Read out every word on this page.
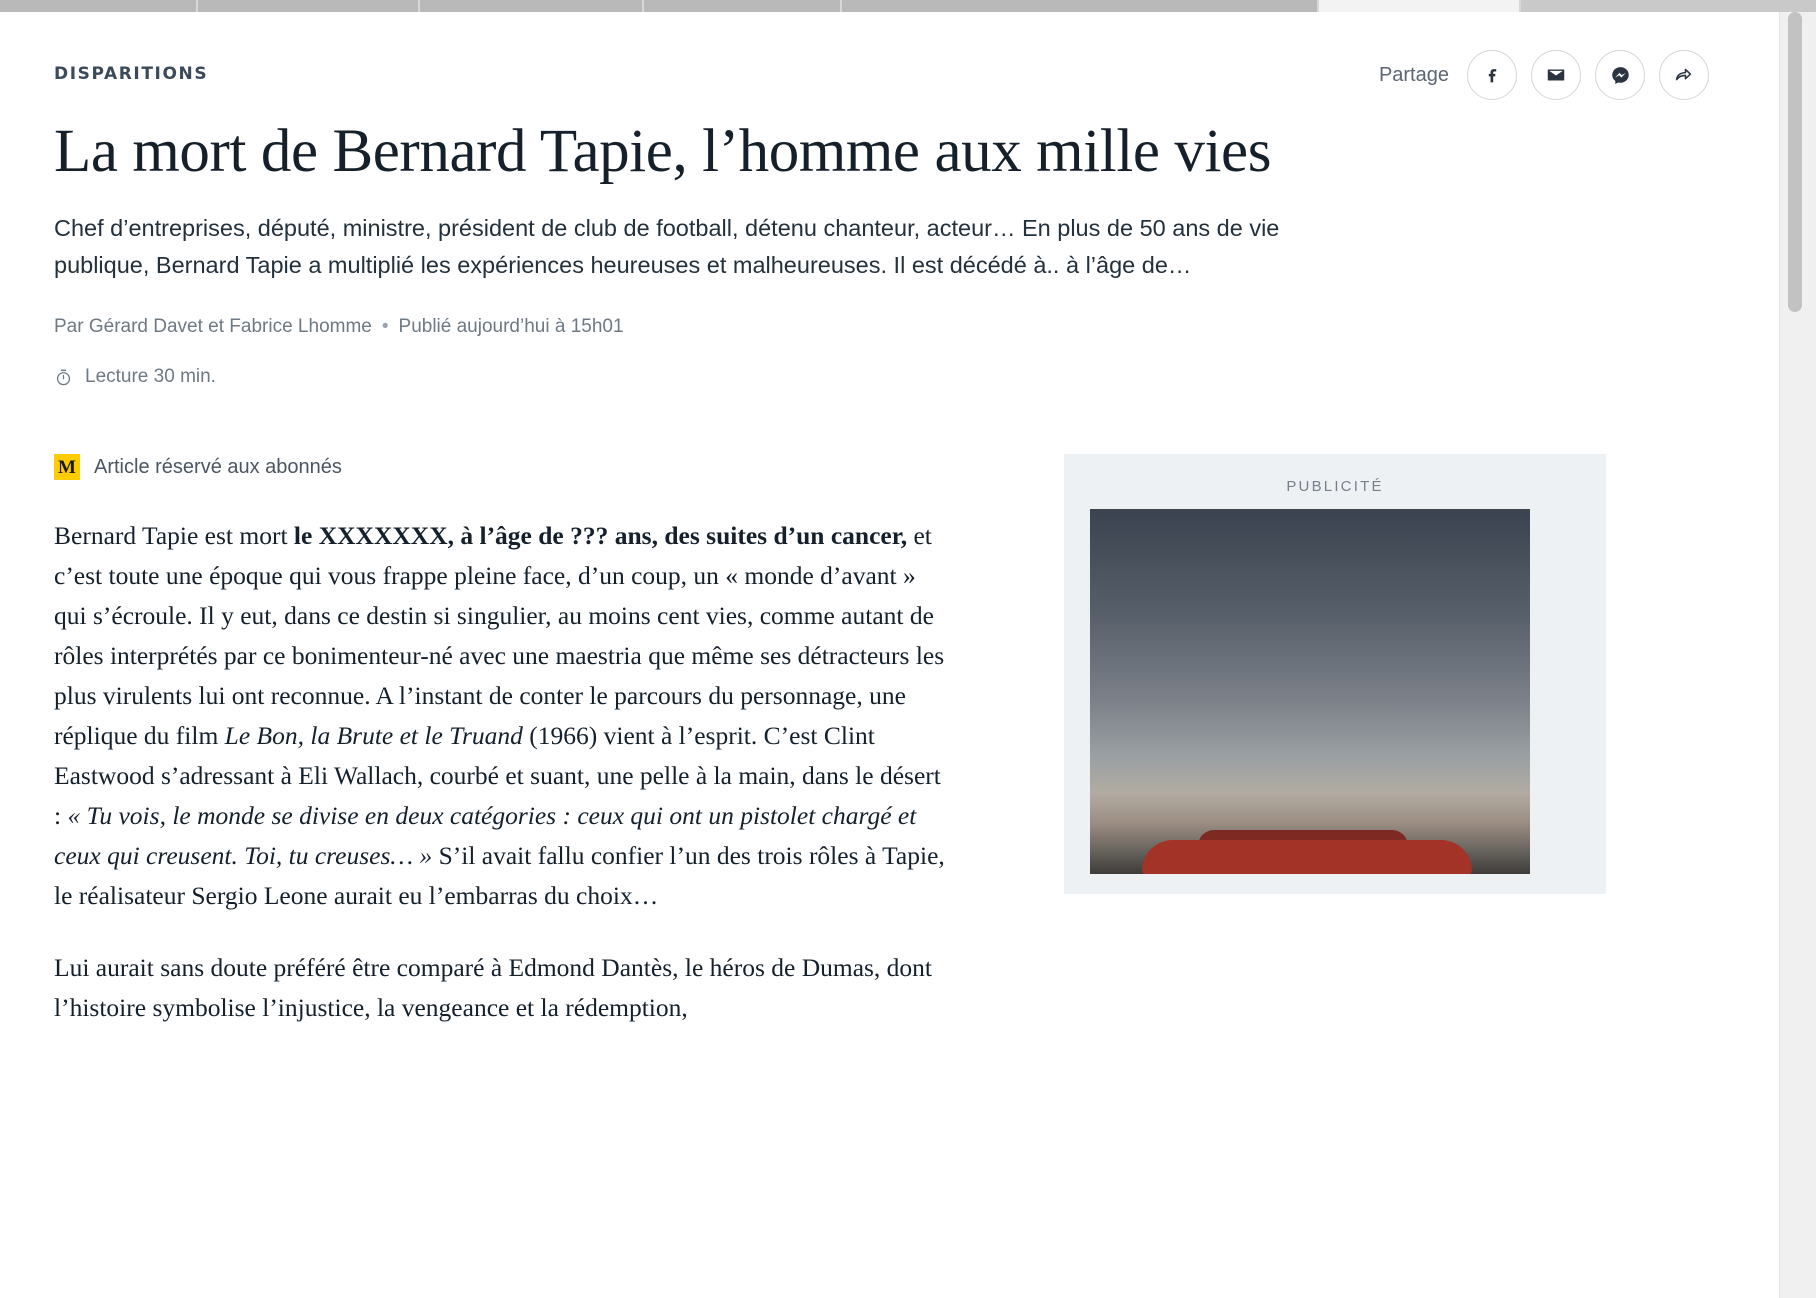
DISPARITIONS	Partage
La mort de Bernard Tapie, l’homme aux mille vies

Chef d’entreprises, député, ministre, président de club de football, détenu chanteur, acteur… En plus de 50 ans de vie publique, Bernard Tapie a multiplié les expériences heureuses et malheureuses. Il est décédé à.. à l’âge de…

Par Gérard Davet et Fabrice Lhomme • Publié aujourd’hui à 15h01
Lecture 30 min.
M Article réservé aux abonnés

Bernard Tapie est mort le XXXXXXX, à l’âge de ??? ans, des suites d’un cancer, et c’est toute une époque qui vous frappe pleine face, d’un coup, un « monde d’avant » qui s’écroule. Il y eut, dans ce destin si singulier, au moins cent vies, comme autant de rôles interprétés par ce bonimenteur-né avec une maestria que même ses détracteurs les plus virulents lui ont reconnue. A l’instant de conter le parcours du personnage, une réplique du film Le Bon, la Brute et le Truand (1966) vient à l’esprit. C’est Clint Eastwood s’adressant à Eli Wallach, courbé et suant, une pelle à la main, dans le désert : « Tu vois, le monde se divise en deux catégories : ceux qui ont un pistolet chargé et ceux qui creusent. Toi, tu creuses… » S’il avait fallu confier l’un des trois rôles à Tapie, le réalisateur Sergio Leone aurait eu l’embarras du choix…

Lui aurait sans doute préféré être comparé à Edmond Dantès, le héros de Dumas, dont l’histoire symbolise l’injustice, la vengeance et la rédemption,

PUBLICITÉ
